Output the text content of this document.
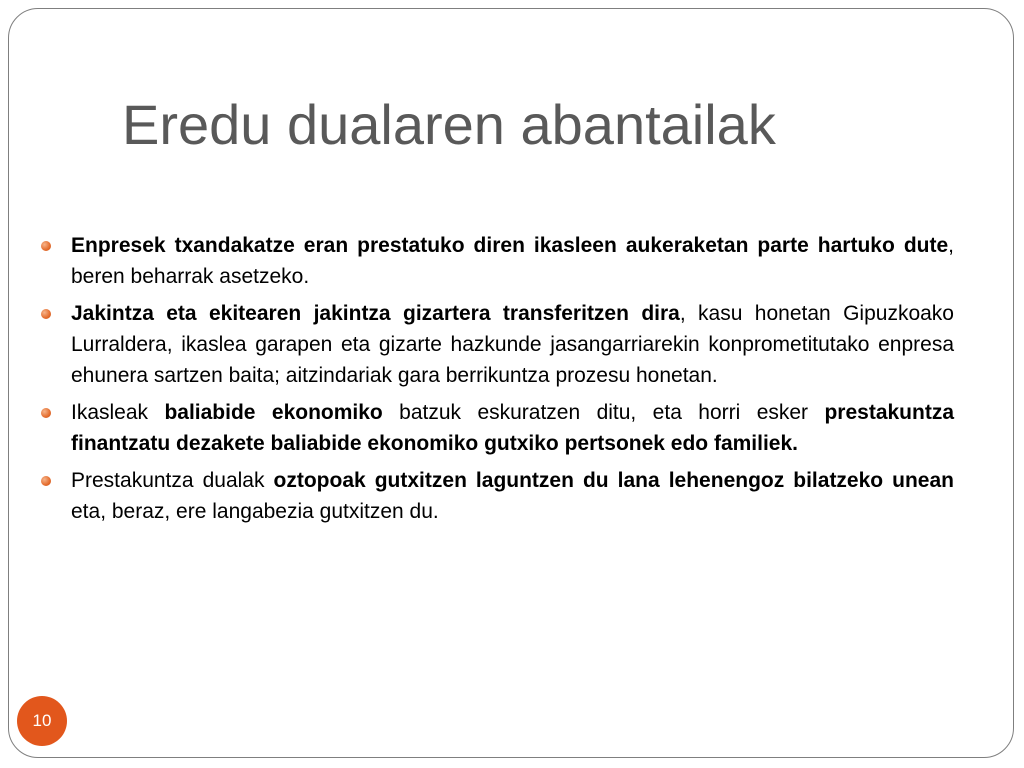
Eredu dualaren abantailak
Enpresek txandakatze eran prestatuko diren ikasleen aukeraketan parte hartuko dute, beren beharrak asetzeko.
Jakintza eta ekitearen jakintza gizartera transferitzen dira, kasu honetan Gipuzkoako Lurraldera, ikaslea garapen eta gizarte hazkunde jasangarriarekin konprometitutako enpresa ehunera sartzen baita; aitzindariak gara berrikuntza prozesu honetan.
Ikasleak baliabide ekonomiko batzuk eskuratzen ditu, eta horri esker prestakuntza finantzatu dezakete baliabide ekonomiko gutxiko pertsonek edo familiek.
Prestakuntza dualak oztopoak gutxitzen laguntzen du lana lehenengoz bilatzeko unean eta, beraz, ere langabezia gutxitzen du.
10
